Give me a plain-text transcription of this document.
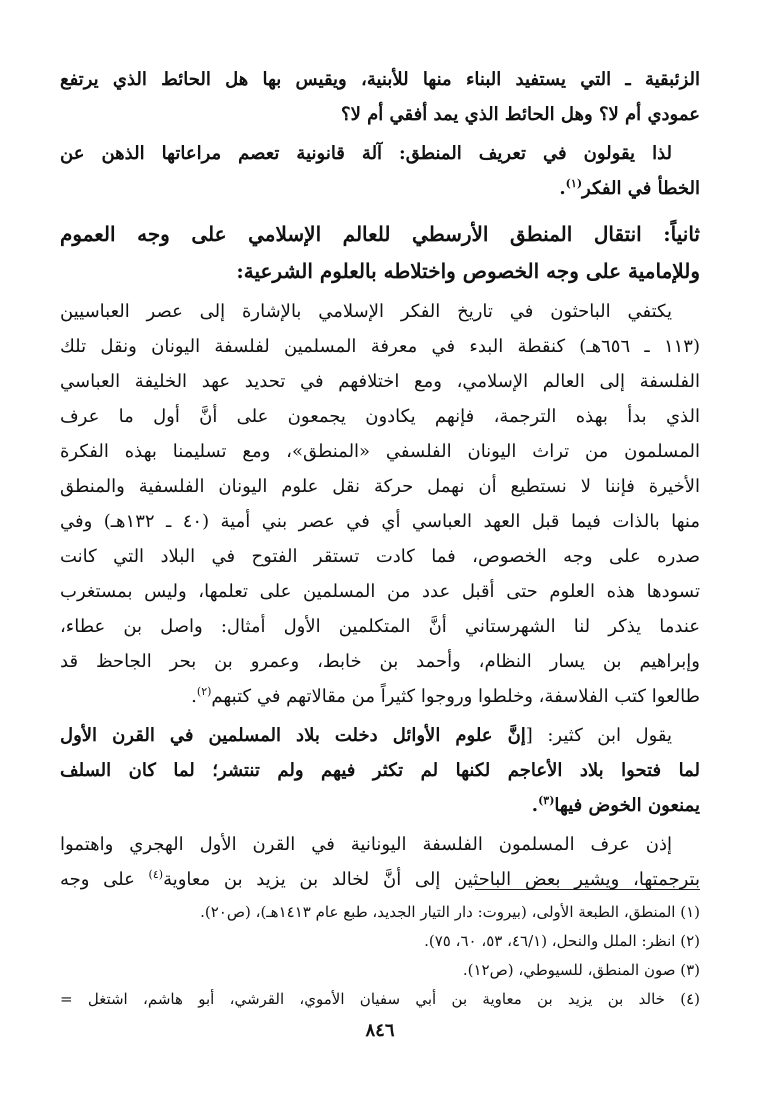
الزئبقية ـ التي يستفيد البناء منها للأبنية، ويقيس بها هل الحائط الذي يرتفع
عمودي أم لا؟ وهل الحائط الذي يمد أفقي أم لا؟
لذا يقولون في تعريف المنطق: آلة قانونية تعصم مراعاتها الذهن عن
الخطأ في الفكر$^{(١)}$.
ثانياً: انتقال المنطق الأرسطي للعالم الإسلامي على وجه العموم
وللإمامية على وجه الخصوص واختلاطه بالعلوم الشرعية:
يكتفي الباحثون في تاريخ الفكر الإسلامي بالإشارة إلى عصر العباسيين
(١١٣ ـ ٦٥٦هـ) كنقطة البدء في معرفة المسلمين لفلسفة اليونان ونقل تلك
الفلسفة إلى العالم الإسلامي، ومع اختلافهم في تحديد عهد الخليفة العباسي
الذي بدأ بهذه الترجمة، فإنهم يكادون يجمعون على أنَّ أول ما عرف
المسلمون من تراث اليونان الفلسفي «المنطق»، ومع تسليمنا بهذه الفكرة
الأخيرة فإننا لا نستطيع أن نهمل حركة نقل علوم اليونان الفلسفية والمنطق
منها بالذات فيما قبل العهد العباسي أي في عصر بني أمية (٤٠ ـ ١٣٢هـ) وفي
صدره على وجه الخصوص، فما كادت تستقر الفتوح في البلاد التي كانت
تسودها هذه العلوم حتى أقبل عدد من المسلمين على تعلمها، وليس بمستغرب
عندما يذكر لنا الشهرستاني أنَّ المتكلمين الأول أمثال: واصل بن عطاء،
وإبراهيم بن يسار النظام، وأحمد بن خابط، وعمرو بن بحر الجاحظ قد
طالعوا كتب الفلاسفة، وخلطوا وروجوا كثيراً من مقالاتهم في كتبهم$^{(٢)}$.
يقول ابن كثير: [إنَّ علوم الأوائل دخلت بلاد المسلمين في القرن الأول
لما فتحوا بلاد الأعاجم لكنها لم تكثر فيهم ولم تنتشر؛ لما كان السلف
يمنعون الخوض فيها$^{(٣)}$.
إذن عرف المسلمون الفلسفة اليونانية في القرن الأول الهجري واهتموا
بترجمتها، ويشير بعض الباحثين إلى أنَّ لخالد بن يزيد بن معاوية$^{(٤)}$ على وجه
(١) المنطق، الطبعة الأولى، (بيروت: دار التيار الجديد، طبع عام ١٤١٣هـ)، (ص٢٠).
(٢) انظر: الملل والنحل، (٤٦/١، ٥٣، ٦٠، ٧٥).
(٣) صون المنطق، للسيوطي، (ص١٢).
(٤) خالد بن يزيد بن معاوية بن أبي سفيان الأموي، القرشي، أبو هاشم، اشتغل =
٨٤٦
